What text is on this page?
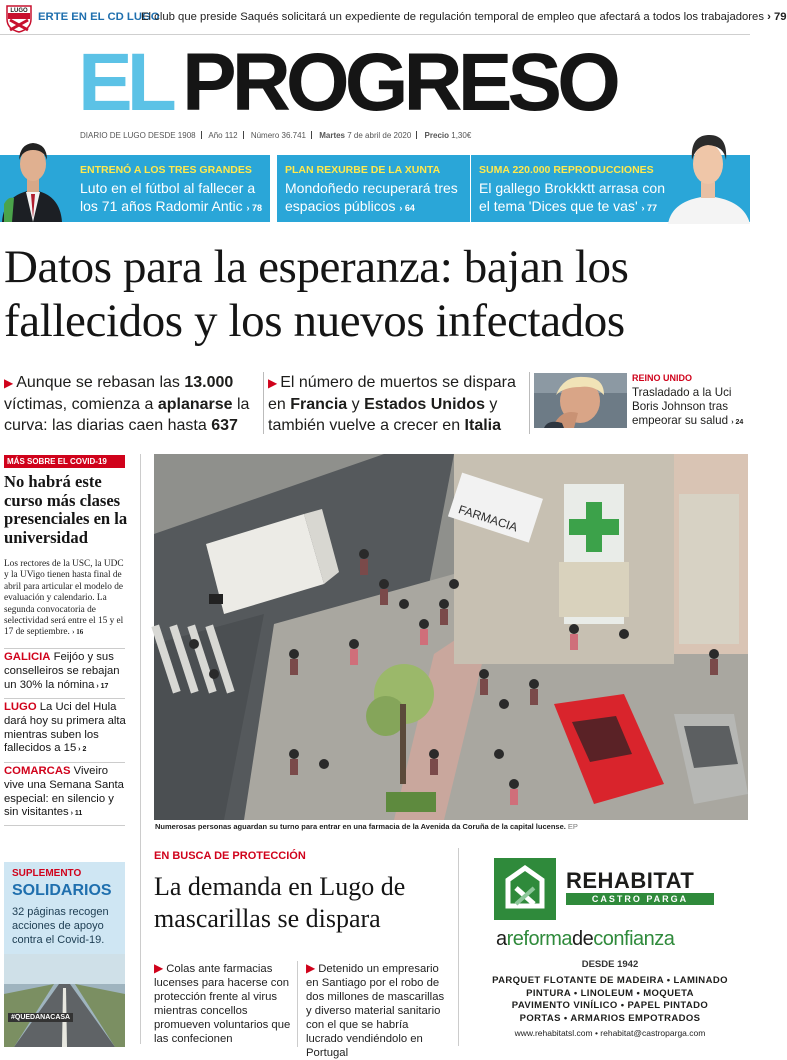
LUGO ERTE EN EL CD LUGO
El club que preside Saqués solicitará un expediente de regulación temporal de empleo que afectará a todos los trabajadores › 79
EL PROGRESO
DIARIO DE LUGO DESDE 1908 Año 112 Número 36.741 Martes 7 de abril de 2020 Precio 1,30€
ENTRENÓ A LOS TRES GRANDES
Luto en el fútbol al fallecer a los 71 años Radomir Antic › 78
PLAN REXURBE DE LA XUNTA
Mondoñedo recuperará tres espacios públicos › 64
SUMA 220.000 REPRODUCCIONES
El gallego Brokkktt arrasa con el tema 'Dices que te vas' › 77
Datos para la esperanza: bajan los fallecidos y los nuevos infectados
▶ Aunque se rebasan las 13.000 víctimas, comienza a aplanarse la curva: las diarias caen hasta 637
▶ El número de muertos se dispara en Francia y Estados Unidos y también vuelve a crecer en Italia
REINO UNIDO
Trasladado a la Uci Boris Johnson tras empeorar su salud › 24
MÁS SOBRE EL COVID-19
No habrá este curso más clases presenciales en la universidad
Los rectores de la USC, la UDC y la UVigo tienen hasta final de abril para articular el modelo de evaluación y calendario. La segunda convocatoria de selectividad será entre el 15 y el 17 de septiembre. › 16
GALICIA Feijóo y sus conselleiros se rebajan un 30% la nómina › 17
LUGO La Uci del Hula dará hoy su primera alta mientras suben los fallecidos a 15 › 2
COMARCAS Viveiro vive una Semana Santa especial: en silencio y sin visitantes › 11
FARMACIA
Numerosas personas aguardan su turno para entrar en una farmacia de la Avenida da Coruña de la capital lucense. EP
EN BUSCA DE PROTECCIÓN
La demanda en Lugo de mascarillas se dispara
▶ Colas ante farmacias lucenses para hacerse con protección frente al virus mientras concellos promueven voluntarios que las confecionen
▶ Detenido un empresario en Santiago por el robo de dos millones de mascarillas y diverso material sanitario con el que se habría lucrado vendiéndolo en Portugal
SUPLEMENTO
SOLIDARIOS
32 páginas recogen acciones de apoyo contra el Covid-19.
#QUEDANACASA
REHABITAT
CASTRO PARGA
areformadeconfianza
DESDE 1942
PARQUET FLOTANTE DE MADEIRA • LAMINADO
PINTURA • LINOLEUM • MOQUETA
PAVIMENTO VINÍLICO • PAPEL PINTADO
PORTAS • ARMARIOS EMPOTRADOS
www.rehabitatsl.com • rehabitat@castroparga.com
